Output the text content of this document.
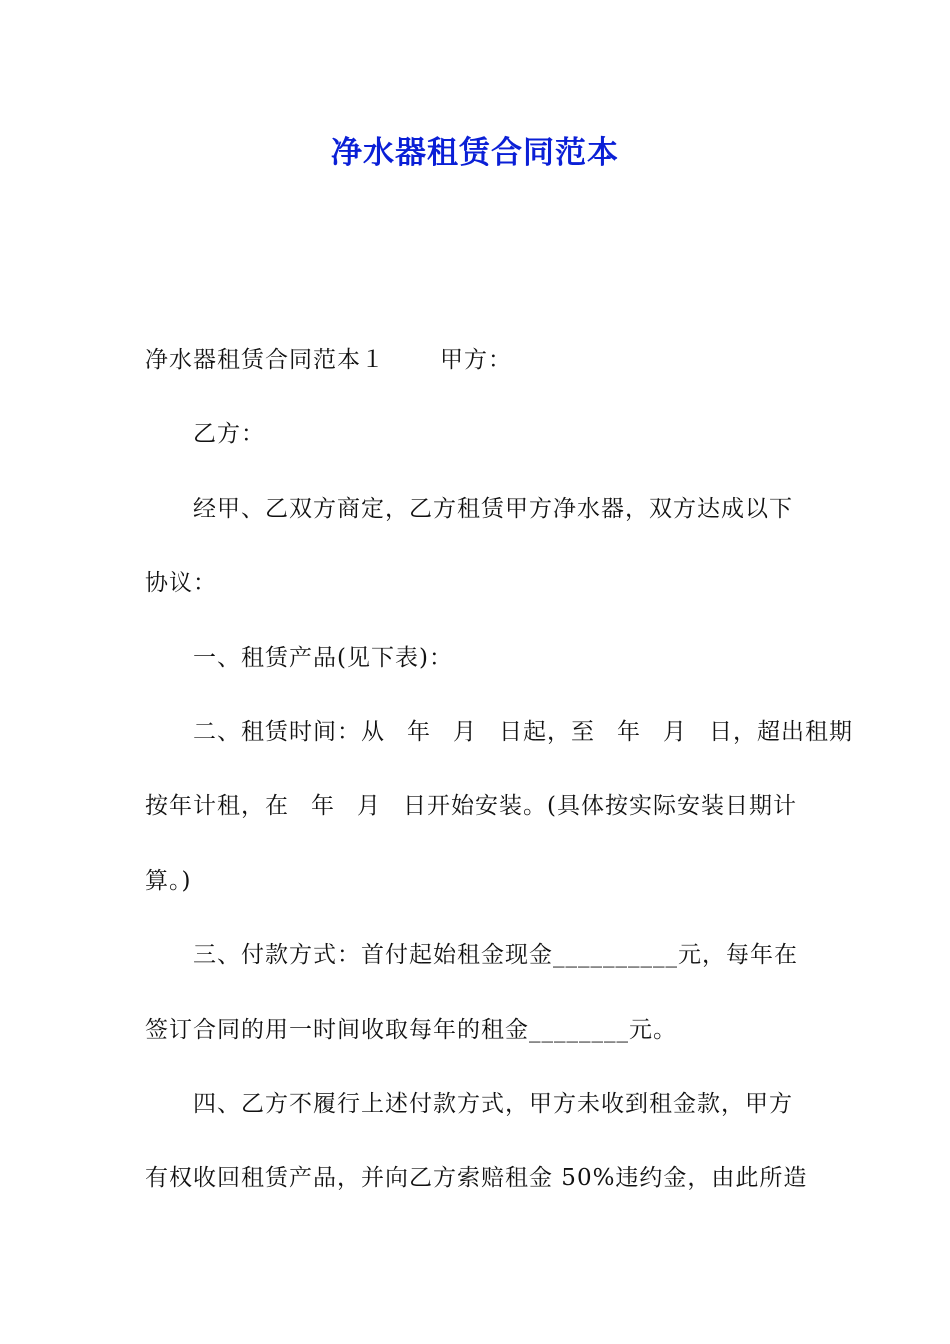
净水器租赁合同范本
净水器租赁合同范本１ 甲方：
乙方：
经甲、乙双方商定，乙方租赁甲方净水器，双方达成以下
协议：
一、租赁产品(见下表)：
二、租赁时间：从 年 月 日起，至 年 月 日，超出租期
按年计租，在 年 月 日开始安装。(具体按实际安装日期计
算。)
三、付款方式：首付起始租金现金__________元，每年在
签订合同的用一时间收取每年的租金________元。
四、乙方不履行上述付款方式，甲方未收到租金款，甲方
有权收回租赁产品，并向乙方索赔租金 50%违约金，由此所造
